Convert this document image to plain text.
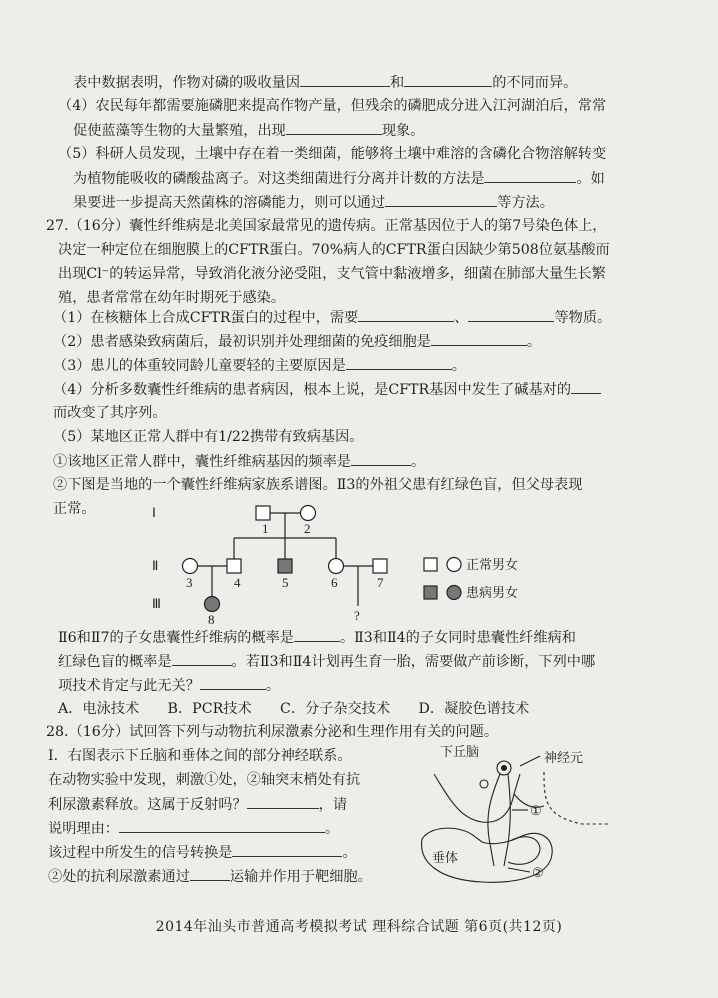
表中数据表明，作物对磷的吸收量因	和	的不同而异。
（4）农民每年都需要施磷肥来提高作物产量，但残余的磷肥成分进入江河湖泊后，常常
促使蓝藻等生物的大量繁殖，出现	现象。
（5）科研人员发现，土壤中存在着一类细菌，能够将土壤中难溶的含磷化合物溶解转变
为植物能吸收的磷酸盐离子。对这类细菌进行分离并计数的方法是	。如
果要进一步提高天然菌株的溶磷能力，则可以通过	等方法。
27.（16分）囊性纤维病是北美国家最常见的遗传病。正常基因位于人的第7号染色体上，
决定一种定位在细胞膜上的CFTR蛋白。70%病人的CFTR蛋白因缺少第508位氨基酸而
出现Cl⁻的转运异常，导致消化液分泌受阻，支气管中黏液增多，细菌在肺部大量生长繁
殖，患者常常在幼年时期死于感染。
（1）在核糖体上合成CFTR蛋白的过程中，需要	、	等物质。
（2）患者感染致病菌后，最初识别并处理细菌的免疫细胞是	。
（3）患儿的体重较同龄儿童要轻的主要原因是	。
（4）分析多数囊性纤维病的患者病因，根本上说，是CFTR基因中发生了碱基对的
而改变了其序列。
（5）某地区正常人群中有1/22携带有致病基因。
①该地区正常人群中，囊性纤维病基因的频率是	。
②下图是当地的一个囊性纤维病家族系谱图。Ⅱ3的外祖父患有红绿色盲，但父母表现
正常。	Ⅰ
Ⅱ
Ⅲ
1	2
3	4	5	6	7
8	?
正常男女
患病男女
Ⅱ6和Ⅱ7的子女患囊性纤维病的概率是	。Ⅱ3和Ⅱ4的子女同时患囊性纤维病和
红绿色盲的概率是	。若Ⅱ3和Ⅱ4计划再生育一胎，需要做产前诊断，下列中哪
项技术肯定与此无关？	。
A．电泳技术　　B．PCR技术　　C．分子杂交技术　　D．凝胶色谱技术
28.（16分）试回答下列与动物抗利尿激素分泌和生理作用有关的问题。
Ⅰ．右图表示下丘脑和垂体之间的部分神经联系。
在动物实验中发现，刺激①处，②轴突末梢处有抗
利尿激素释放。这属于反射吗？	，请
说明理由：	。
该过程中所发生的信号转换是	。
②处的抗利尿激素通过	运输并作用于靶细胞。
下丘脑	神经元
垂体
①
②
2014年汕头市普通高考模拟考试 理科综合试题 第6页(共12页)
